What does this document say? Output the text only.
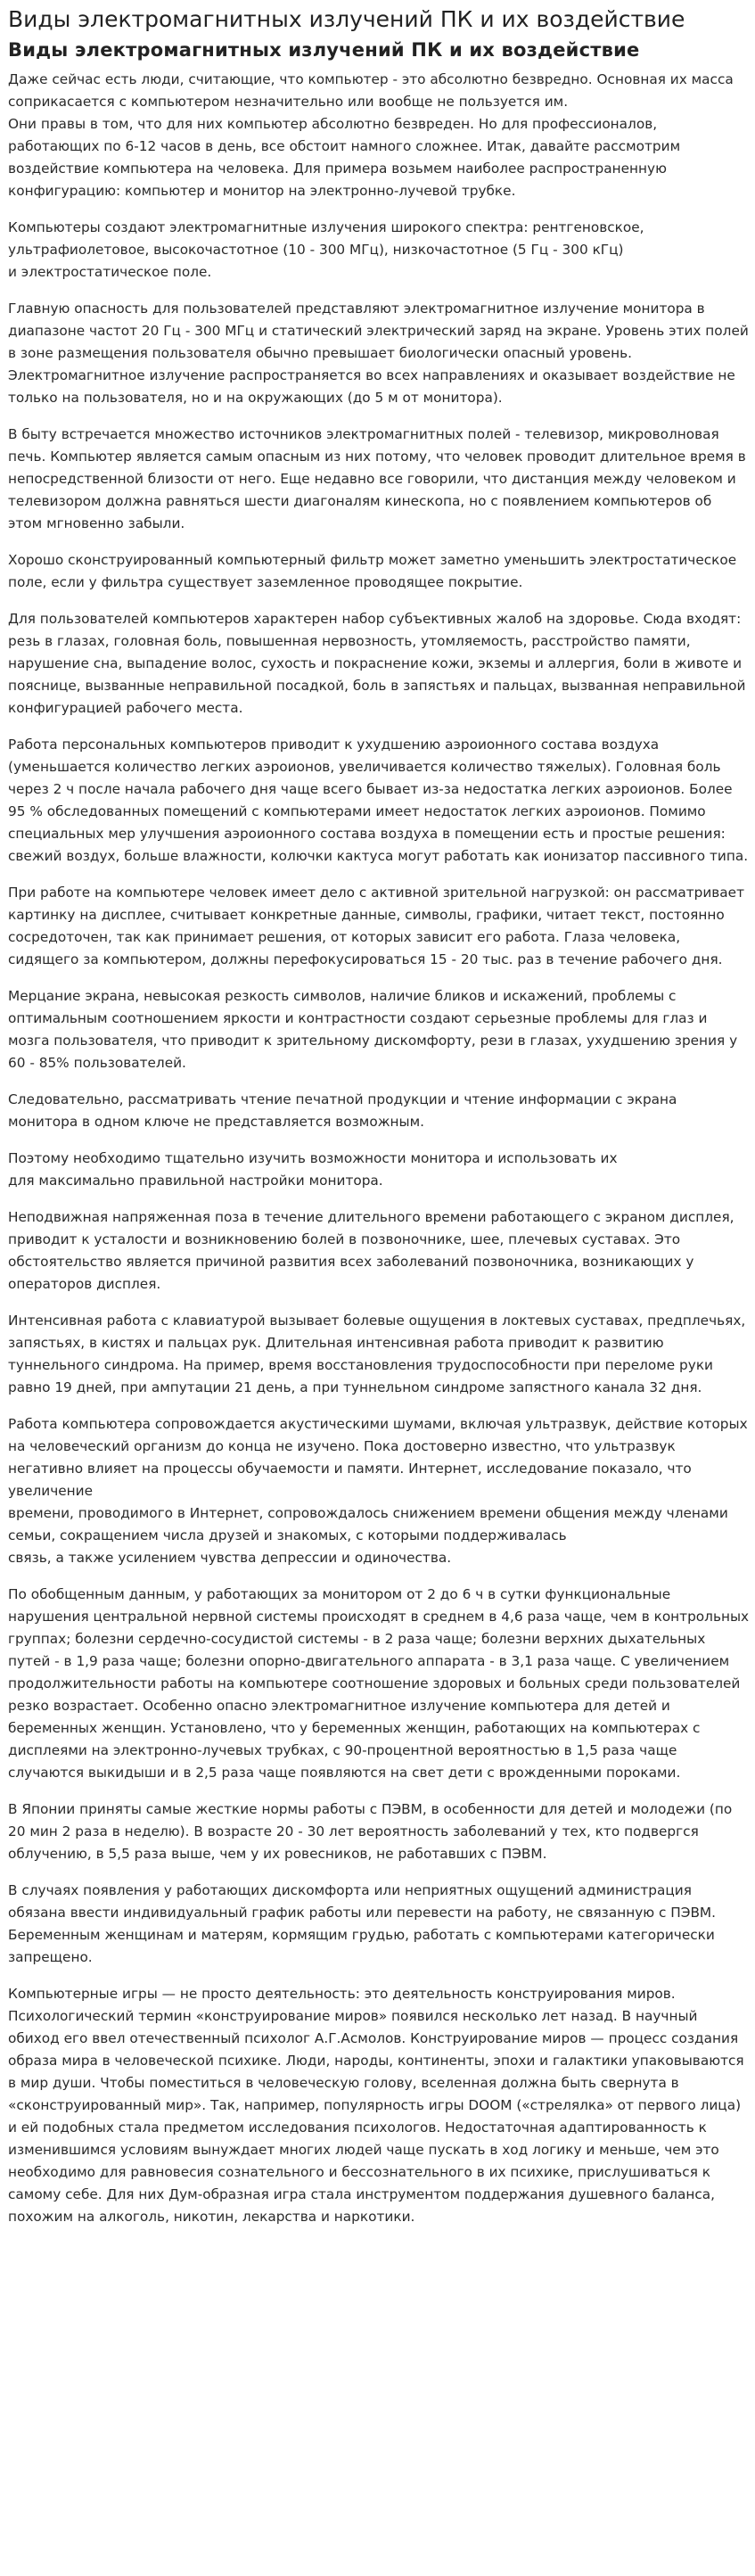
Виды электромагнитных излучений ПК и их воздействие
Виды электромагнитных излучений ПК и их воздействие

Даже сейчас есть люди, считающие, что компьютер - это абсолютно безвредно. Основная их масса соприкасается с компьютером незначительно или вообще не пользуется им.

Они правы в том, что для них компьютер абсолютно безвреден. Но для профессионалов, работающих по 6-12 часов в день, все обстоит намного сложнее. Итак, давайте рассмотрим воздействие компьютера на человека. Для примера возьмем наиболее распространенную конфигурацию: компьютер и монитор на электронно-лучевой трубке.

Компьютеры создают электромагнитные излучения широкого спектра: рентгеновское, ультрафиолетовое, высокочастотное (10 - 300 МГц), низкочастотное (5 Гц - 300 кГц)
и электростатическое поле.

Главную опасность для пользователей представляют электромагнитное излучение монитора в диапазоне частот 20 Гц - 300 МГц и статический электрический заряд на экране. Уровень этих полей в зоне размещения пользователя обычно превышает биологически опасный уровень. Электромагнитное излучение распространяется во всех направлениях и оказывает воздействие не только на пользователя, но и на окружающих (до 5 м от монитора).

В быту встречается множество источников электромагнитных полей - телевизор, микроволновая печь. Компьютер является самым опасным из них потому, что человек проводит длительное время в непосредственной близости от него. Еще недавно все говорили, что дистанция между человеком и телевизором должна равняться шести диагоналям кинескопа, но с появлением компьютеров об этом мгновенно забыли.

Хорошо сконструированный компьютерный фильтр может заметно уменьшить электростатическое поле, если у фильтра существует заземленное проводящее покрытие.

Для пользователей компьютеров характерен набор субъективных жалоб на здоровье. Сюда входят: резь в глазах, головная боль, повышенная нервозность, утомляемость, расстройство памяти, нарушение сна, выпадение волос, сухость и покраснение кожи, экземы и аллергия, боли в животе и пояснице, вызванные неправильной посадкой, боль в запястьях и пальцах, вызванная неправильной конфигурацией рабочего места.

Работа персональных компьютеров приводит к ухудшению аэроионного состава воздуха (уменьшается количество легких аэроионов, увеличивается количество тяжелых). Головная боль через 2 ч после начала рабочего дня чаще всего бывает из-за недостатка легких аэроионов. Более 95 % обследованных помещений с компьютерами имеет недостаток легких аэроионов. Помимо специальных мер улучшения аэроионного состава воздуха в помещении есть и простые решения: свежий воздух, больше влажности, колючки кактуса могут работать как ионизатор пассивного типа.

При работе на компьютере человек имеет дело с активной зрительной нагрузкой: он рассматривает картинку на дисплее, считывает конкретные данные, символы, графики, читает текст, постоянно сосредоточен, так как принимает решения, от которых зависит его работа. Глаза человека, сидящего за компьютером, должны перефокусироваться 15 - 20 тыс. раз в течение рабочего дня.

Мерцание экрана, невысокая резкость символов, наличие бликов и искажений, проблемы с оптимальным соотношением яркости и контрастности создают серьезные проблемы для глаз и мозга пользователя, что приводит к зрительному дискомфорту, рези в глазах, ухудшению зрения у 60 - 85% пользователей.

Следовательно, рассматривать чтение печатной продукции и чтение информации с экрана монитора в одном ключе не представляется возможным.

Поэтому необходимо тщательно изучить возможности монитора и использовать их
для максимально правильной настройки монитора.

Неподвижная напряженная поза в течение длительного времени работающего с экраном дисплея, приводит к усталости и возникновению болей в позвоночнике, шее, плечевых суставах. Это обстоятельство является причиной развития всех заболеваний позвоночника, возникающих у операторов дисплея.

Интенсивная работа с клавиатурой вызывает болевые ощущения в локтевых суставах, предплечьях, запястьях, в кистях и пальцах рук. Длительная интенсивная работа приводит к развитию туннельного синдрома. На пример, время восстановления трудоспособности при переломе руки равно 19 дней, при ампутации 21 день, а при туннельном синдроме запястного канала 32 дня.

Работа компьютера сопровождается акустическими шумами, включая ультразвук, действие которых на человеческий организм до конца не изучено. Пока достоверно известно, что ультразвук негативно влияет на процессы обучаемости и памяти. Интернет, исследование показало, что увеличение
времени, проводимого в Интернет, сопровождалось снижением времени общения между членами семьи, сокращением числа друзей и знакомых, с которыми поддерживалась
связь, а также усилением чувства депрессии и одиночества.

По обобщенным данным, у работающих за монитором от 2 до 6 ч в сутки функциональные нарушения центральной нервной системы происходят в среднем в 4,6 раза чаще, чем в контрольных группах; болезни сердечно-сосудистой системы - в 2 раза чаще; болезни верхних дыхательных путей - в 1,9 раза чаще; болезни опорно-двигательного аппарата - в 3,1 раза чаще. С увеличением продолжительности работы на компьютере соотношение здоровых и больных среди пользователей резко возрастает. Особенно опасно электромагнитное излучение компьютера для детей и беременных женщин. Установлено, что у беременных женщин, работающих на компьютерах с дисплеями на электронно-лучевых трубках, с 90-процентной вероятностью в 1,5 раза чаще случаются выкидыши и в 2,5 раза чаще появляются на свет дети с врожденными пороками.

В Японии приняты самые жесткие нормы работы с ПЭВМ, в особенности для детей и молодежи (по 20 мин 2 раза в неделю). В возрасте 20 - 30 лет вероятность заболеваний у тех, кто подвергся облучению, в 5,5 раза выше, чем у их ровесников, не работавших с ПЭВМ.

В случаях появления у работающих дискомфорта или неприятных ощущений администрация обязана ввести индивидуальный график работы или перевести на работу, не связанную с ПЭВМ. Беременным женщинам и матерям, кормящим грудью, работать с компьютерами категорически запрещено.

Компьютерные игры — не просто деятельность: это деятельность конструирования миров. Психологический термин «конструирование миров» появился несколько лет назад. В научный обиход его ввел отечественный психолог А.Г.Асмолов. Конструирование миров — процесс создания образа мира в человеческой психике. Люди, народы, континенты, эпохи и галактики упаковываются в мир души. Чтобы поместиться в человеческую голову, вселенная должна быть свернута в
«сконструированный мир». Так, например, популярность игры DOOM («стрелялка» от первого лица) и ей подобных стала предметом исследования психологов. Недостаточная адаптированность к изменившимся условиям вынуждает многих людей чаще пускать в ход логику и меньше, чем это необходимо для равновесия сознательного и бессознательного в их психике, прислушиваться к самому себе. Для них Дум-образная игра стала инструментом поддержания душевного баланса, похожим на алкоголь, никотин, лекарства и наркотики.
